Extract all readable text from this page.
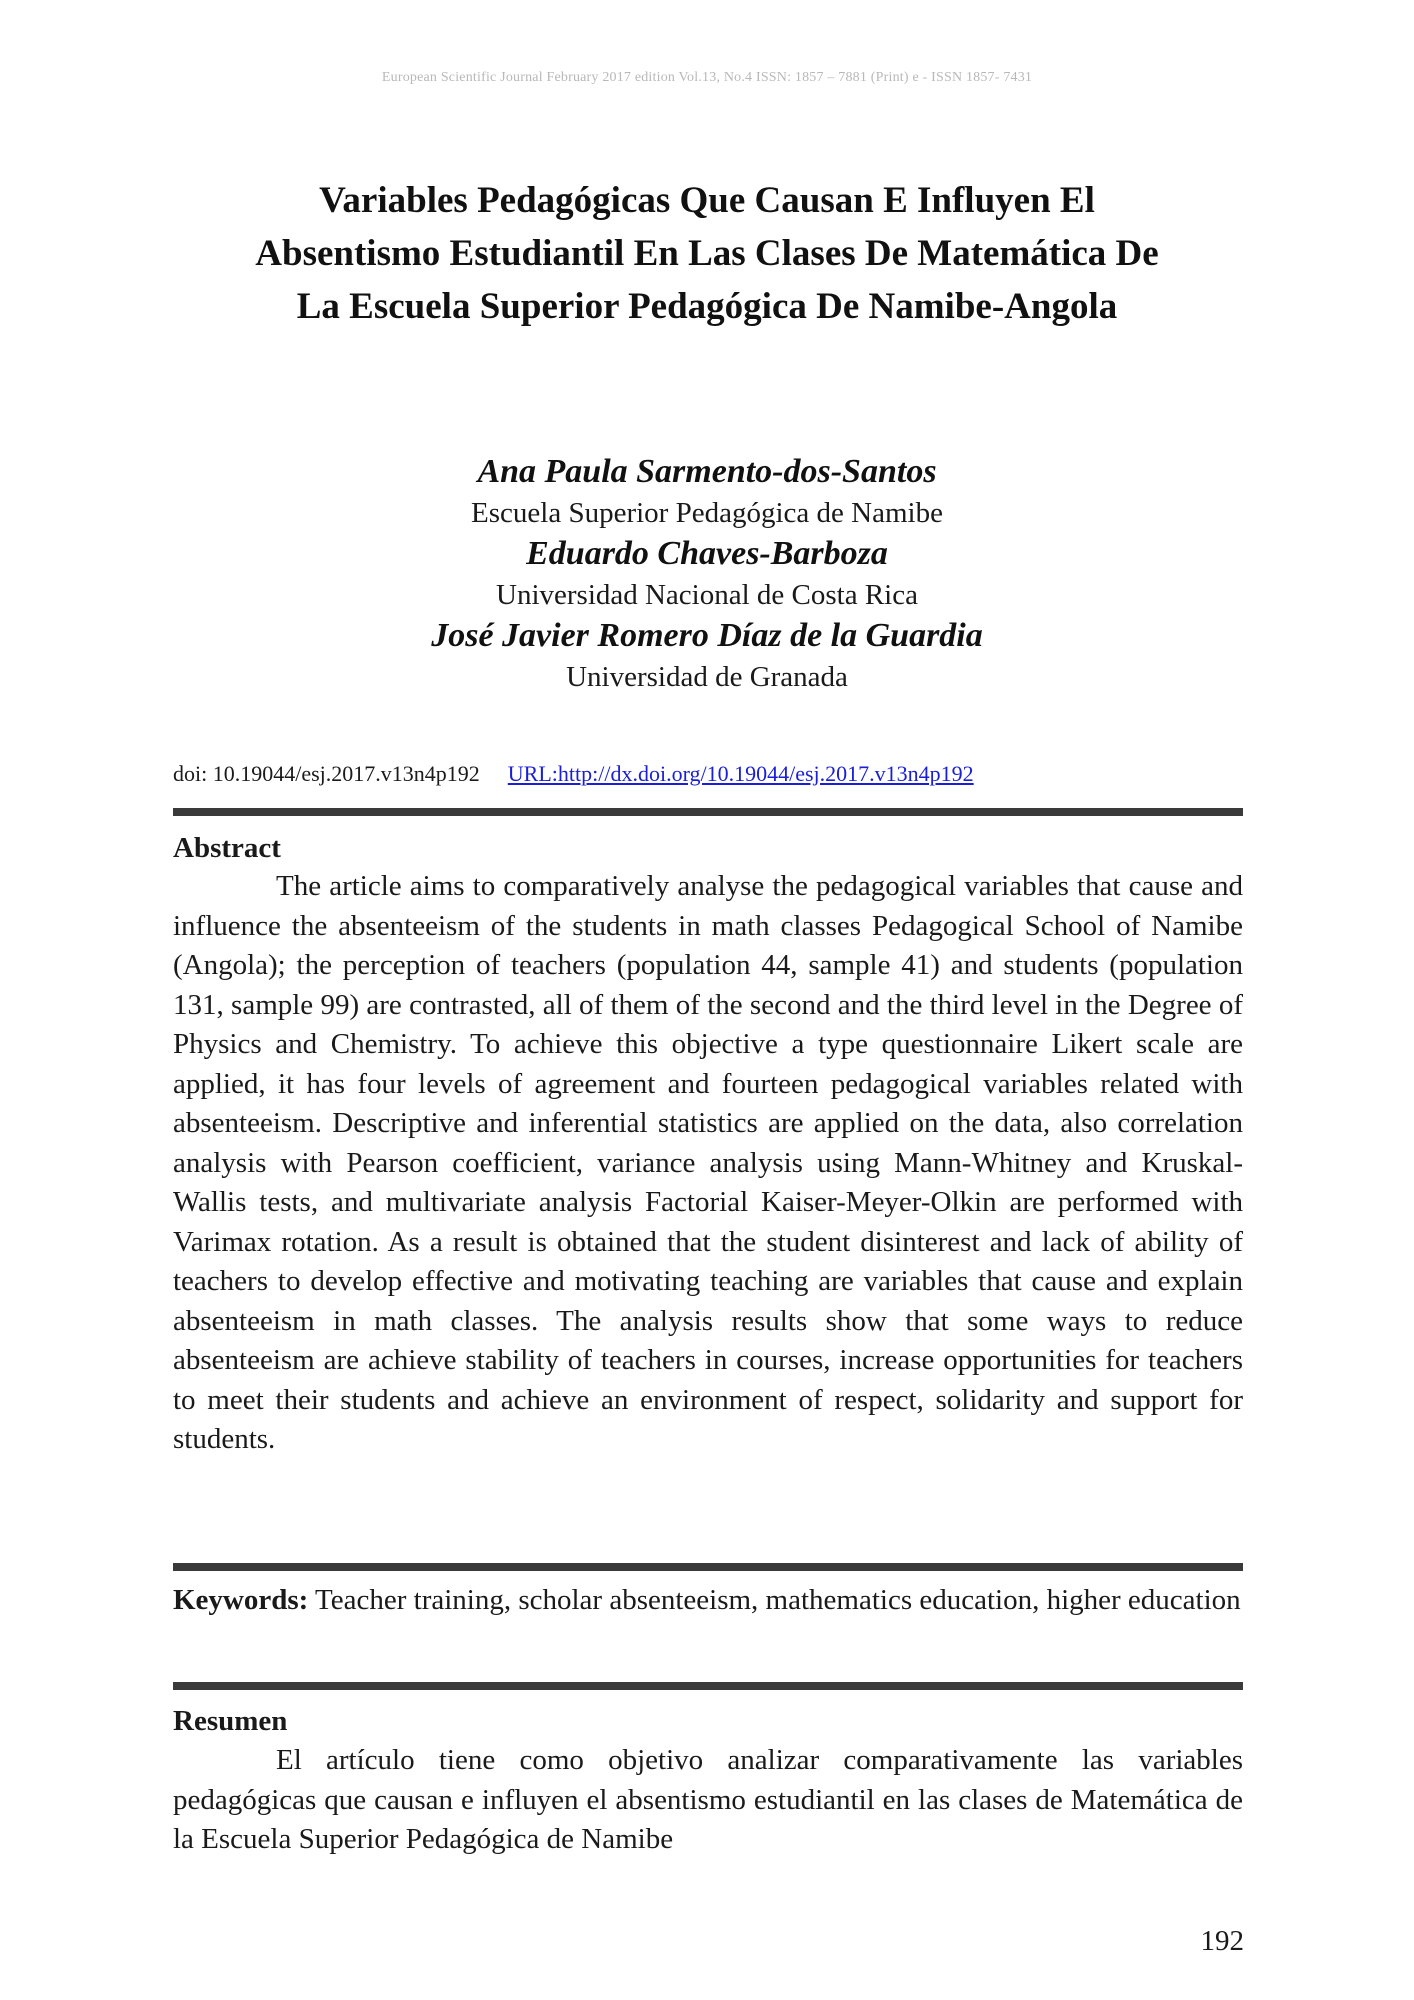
European Scientific Journal February 2017 edition Vol.13, No.4 ISSN: 1857 – 7881 (Print) e - ISSN 1857- 7431
Variables Pedagógicas Que Causan E Influyen El
Absentismo Estudiantil En Las Clases De Matemática De
La Escuela Superior Pedagógica De Namibe-Angola
Ana Paula Sarmento-dos-Santos
Escuela Superior Pedagógica de Namibe
Eduardo Chaves-Barboza
Universidad Nacional de Costa Rica
José Javier Romero Díaz de la Guardia
Universidad de Granada
doi: 10.19044/esj.2017.v13n4p192 URL:http://dx.doi.org/10.19044/esj.2017.v13n4p192
Abstract

The article aims to comparatively analyse the pedagogical variables that cause and influence the absenteeism of the students in math classes Pedagogical School of Namibe (Angola); the perception of teachers (population 44, sample 41) and students (population 131, sample 99) are contrasted, all of them of the second and the third level in the Degree of Physics and Chemistry. To achieve this objective a type questionnaire Likert scale are applied, it has four levels of agreement and fourteen pedagogical variables related with absenteeism. Descriptive and inferential statistics are applied on the data, also correlation analysis with Pearson coefficient, variance analysis using Mann-Whitney and Kruskal-Wallis tests, and multivariate analysis Factorial Kaiser-Meyer-Olkin are performed with Varimax rotation. As a result is obtained that the student disinterest and lack of ability of teachers to develop effective and motivating teaching are variables that cause and explain absenteeism in math classes. The analysis results show that some ways to reduce absenteeism are achieve stability of teachers in courses, increase opportunities for teachers to meet their students and achieve an environment of respect, solidarity and support for students.

Keywords: Teacher training, scholar absenteeism, mathematics education, higher education

Resumen

El artículo tiene como objetivo analizar comparativamente las variables pedagógicas que causan e influyen el absentismo estudiantil en las clases de Matemática de la Escuela Superior Pedagógica de Namibe

192
